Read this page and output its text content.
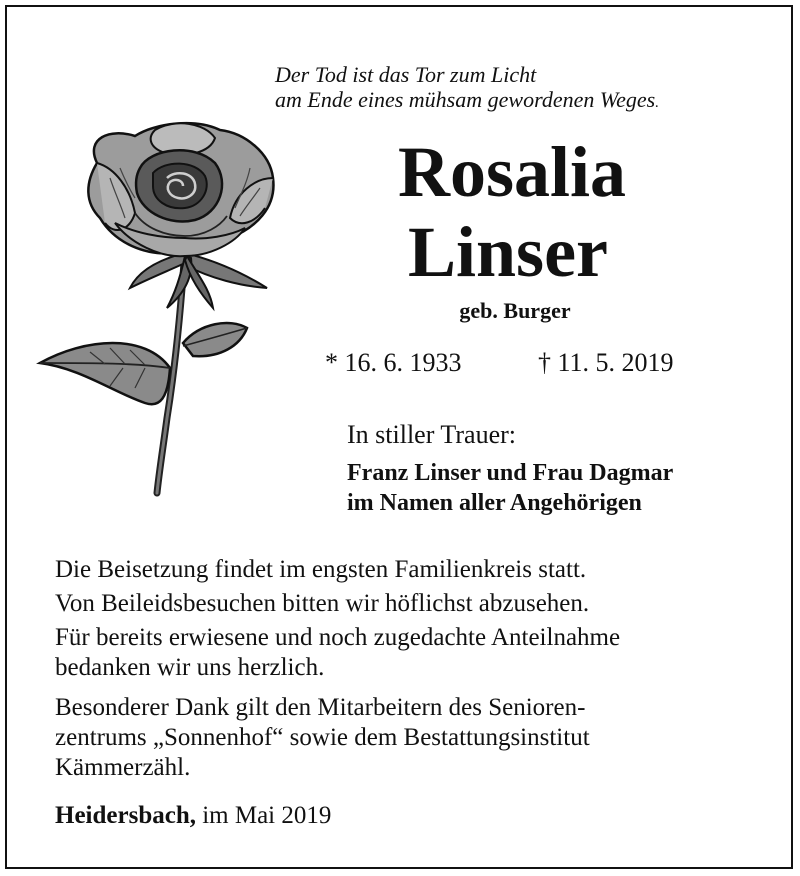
Der Tod ist das Tor zum Licht
am Ende eines mühsam gewordenen Weges.

Rosalia
Linser

geb. Burger

* 16. 6. 1933	† 11. 5. 2019

In stiller Trauer:

Franz Linser und Frau Dagmar
im Namen aller Angehörigen

Die Beisetzung findet im engsten Familienkreis statt.

Von Beileidsbesuchen bitten wir höflichst abzusehen.

Für bereits erwiesene und noch zugedachte Anteilnahme

bedanken wir uns herzlich.

Besonderer Dank gilt den Mitarbeitern des Senioren-

zentrums „Sonnenhof“ sowie dem Bestattungsinstitut

Kämmerzähl.

Heidersbach, im Mai 2019
